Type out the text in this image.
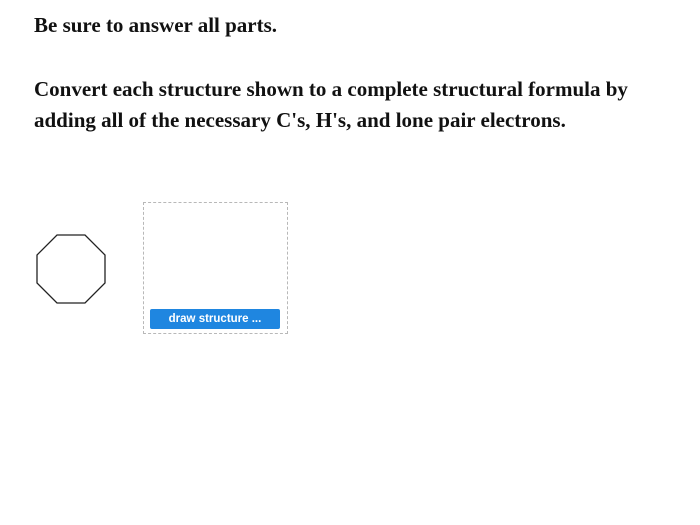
Be sure to answer all parts.

Convert each structure shown to a complete structural formula by adding all of the necessary C's, H's, and lone pair electrons.

draw structure ...
